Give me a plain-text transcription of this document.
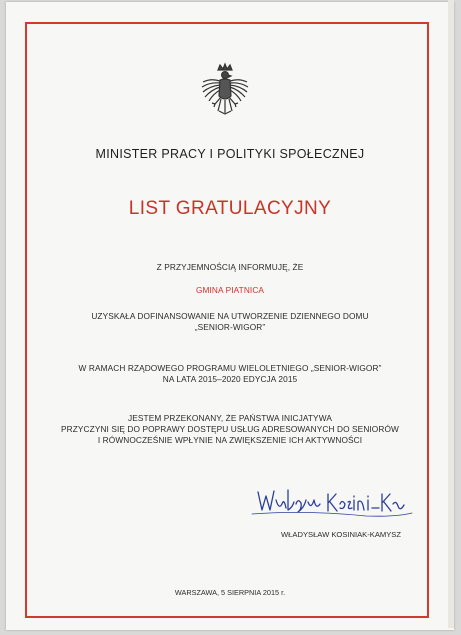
MINISTER PRACY I POLITYKI SPOŁECZNEJ
LIST GRATULACYJNY
Z PRZYJEMNOŚCIĄ INFORMUJĘ, ŻE
GMINA PIATNICA
UZYSKAŁA DOFINANSOWANIE NA UTWORZENIE DZIENNEGO DOMU
„SENIOR-WIGOR”
W RAMACH RZĄDOWEGO PROGRAMU WIELOLETNIEGO „SENIOR-WIGOR”
NA LATA 2015–2020 EDYCJA 2015
JESTEM PRZEKONANY, ŻE PAŃSTWA INICJATYWA
PRZYCZYNI SIĘ DO POPRAWY DOSTĘPU USŁUG ADRESOWANYCH DO SENIORÓW
I RÓWNOCZEŚNIE WPŁYNIE NA ZWIĘKSZENIE ICH AKTYWNOŚCI
WŁADYSŁAW KOSINIAK-KAMYSZ
WARSZAWA, 5 SIERPNIA 2015 r.
